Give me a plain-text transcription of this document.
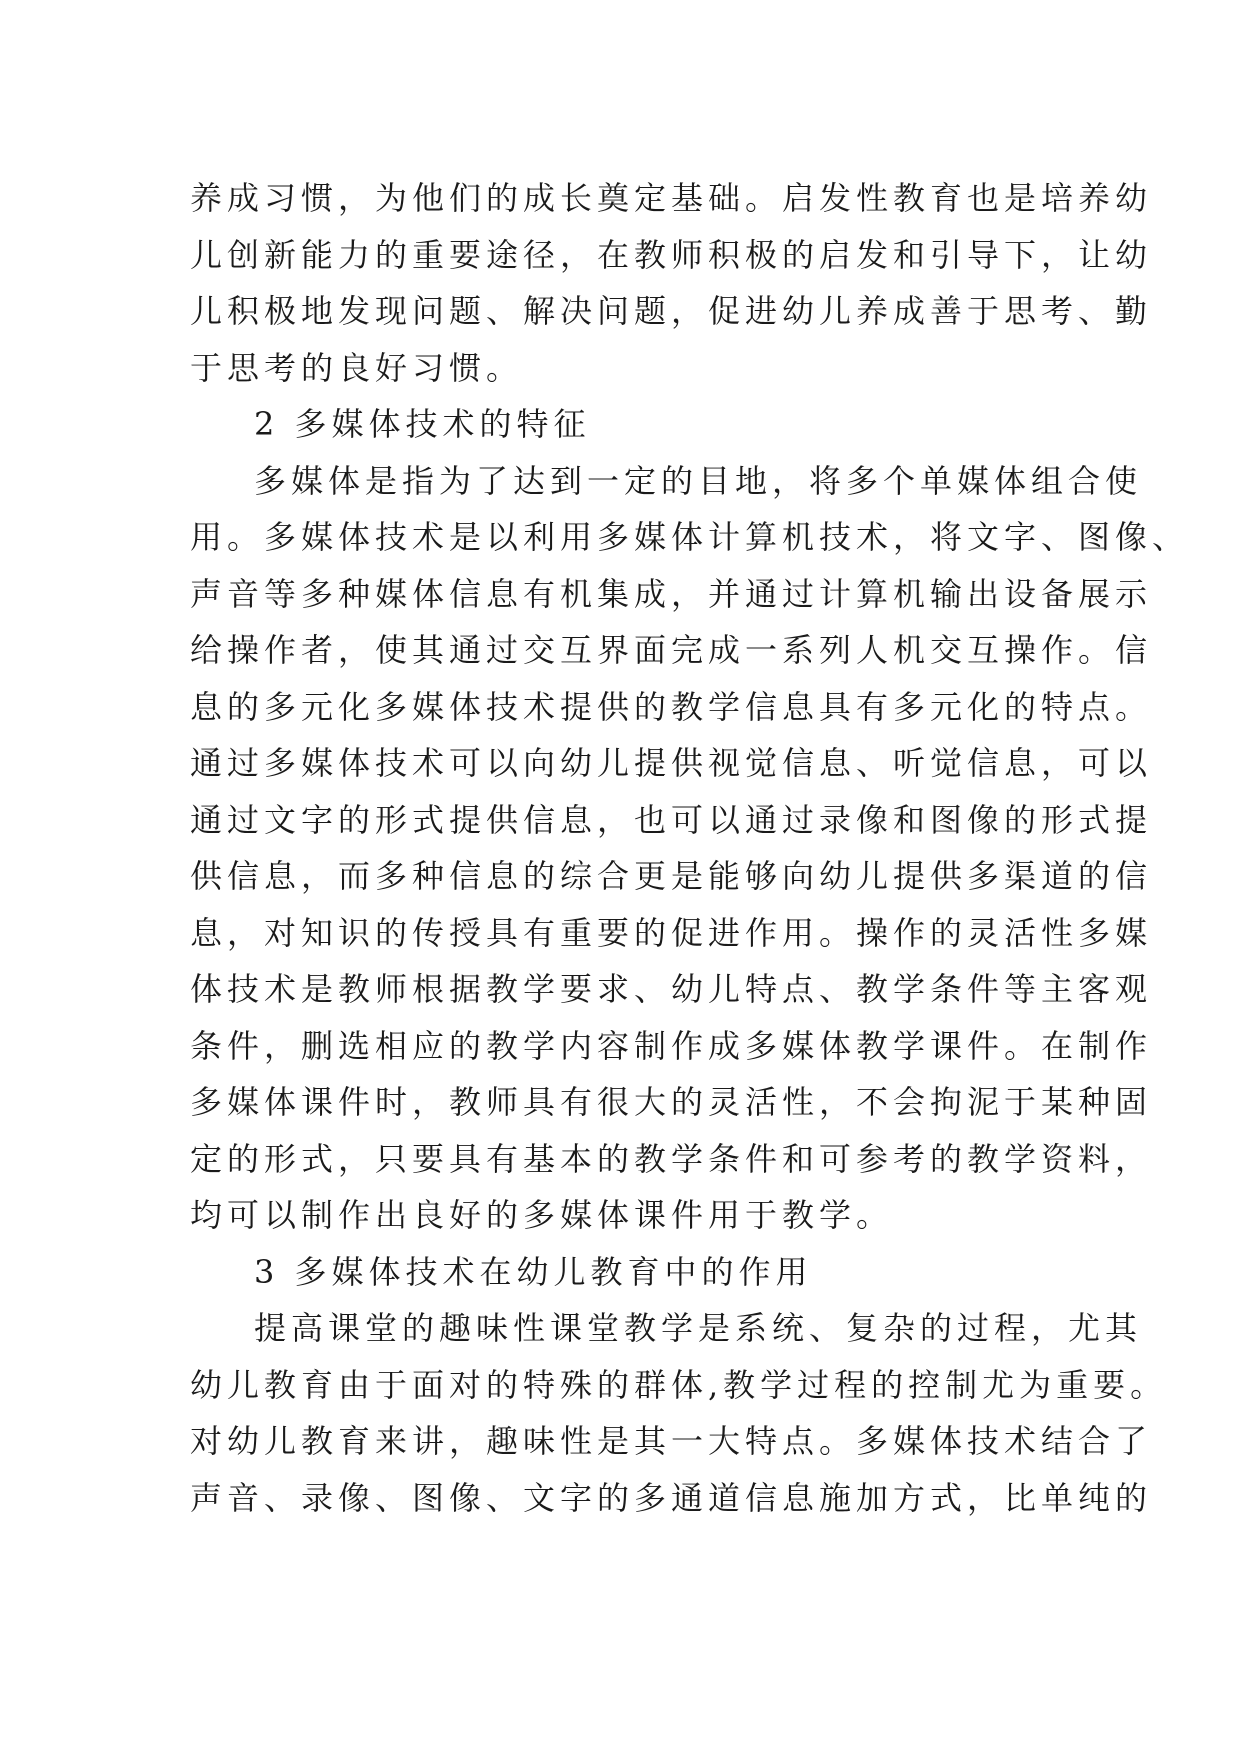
养成习惯，为他们的成长奠定基础。启发性教育也是培养幼
儿创新能力的重要途径，在教师积极的启发和引导下，让幼
儿积极地发现问题、解决问题，促进幼儿养成善于思考、勤
于思考的良好习惯。
2 多媒体技术的特征
多媒体是指为了达到一定的目地，将多个单媒体组合使
用。多媒体技术是以利用多媒体计算机技术，将文字、图像、
声音等多种媒体信息有机集成，并通过计算机输出设备展示
给操作者，使其通过交互界面完成一系列人机交互操作。信
息的多元化多媒体技术提供的教学信息具有多元化的特点。
通过多媒体技术可以向幼儿提供视觉信息、听觉信息，可以
通过文字的形式提供信息，也可以通过录像和图像的形式提
供信息，而多种信息的综合更是能够向幼儿提供多渠道的信
息，对知识的传授具有重要的促进作用。操作的灵活性多媒
体技术是教师根据教学要求、幼儿特点、教学条件等主客观
条件，删选相应的教学内容制作成多媒体教学课件。在制作
多媒体课件时，教师具有很大的灵活性，不会拘泥于某种固
定的形式，只要具有基本的教学条件和可参考的教学资料，
均可以制作出良好的多媒体课件用于教学。
3 多媒体技术在幼儿教育中的作用
提高课堂的趣味性课堂教学是系统、复杂的过程，尤其
幼儿教育由于面对的特殊的群体,教学过程的控制尤为重要。
对幼儿教育来讲，趣味性是其一大特点。多媒体技术结合了
声音、录像、图像、文字的多通道信息施加方式，比单纯的
